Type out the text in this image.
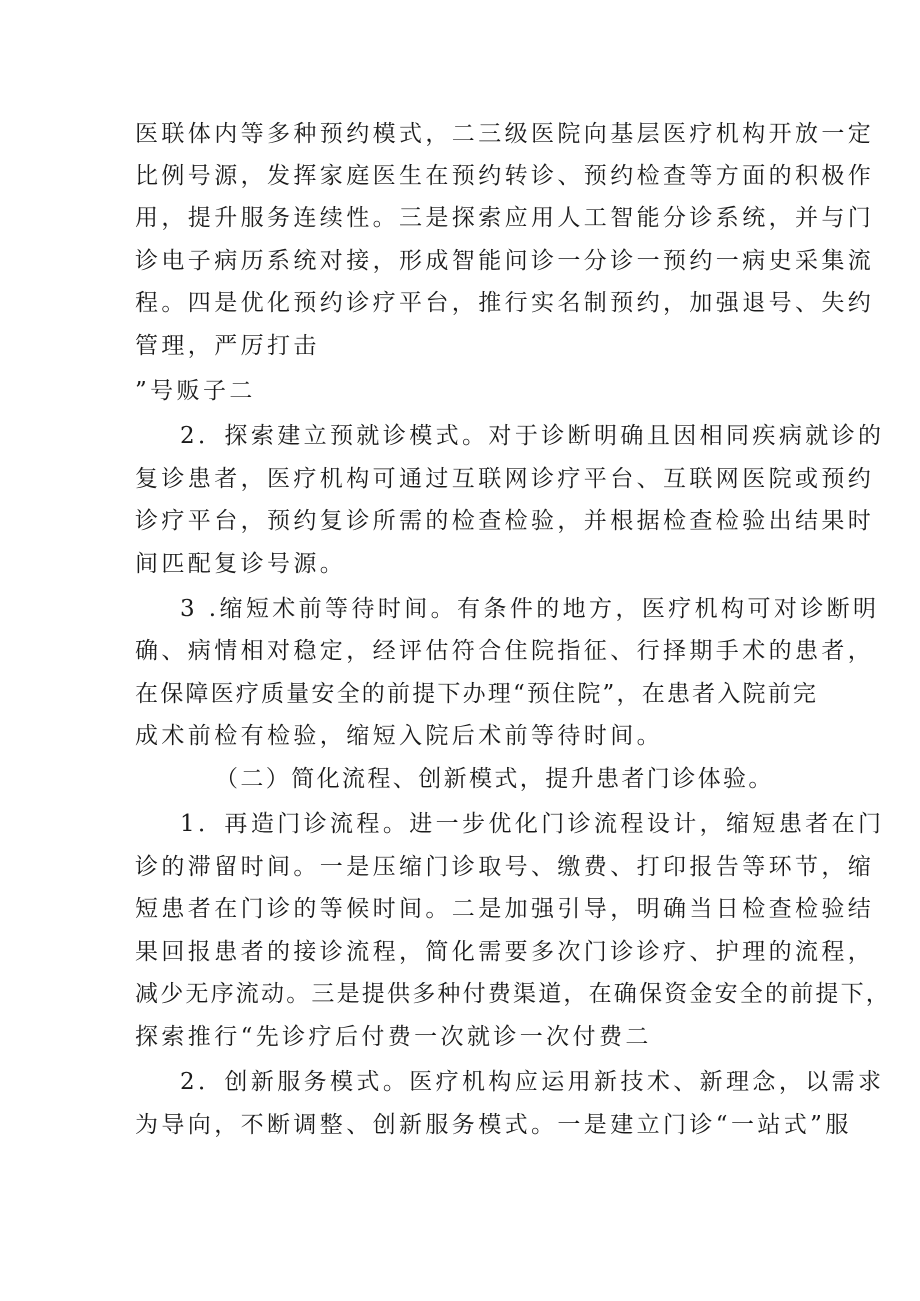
医联体内等多种预约模式，二三级医院向基层医疗机构开放一定
比例号源，发挥家庭医生在预约转诊、预约检查等方面的积极作
用，提升服务连续性。三是探索应用人工智能分诊系统，并与门
诊电子病历系统对接，形成智能问诊一分诊一预约一病史采集流
程。四是优化预约诊疗平台，推行实名制预约，加强退号、失约
管理，严厉打击
”号贩子二
2．探索建立预就诊模式。对于诊断明确且因相同疾病就诊的
复诊患者，医疗机构可通过互联网诊疗平台、互联网医院或预约
诊疗平台，预约复诊所需的检查检验，并根据检查检验出结果时
间匹配复诊号源。
3 .缩短术前等待时间。有条件的地方，医疗机构可对诊断明
确、病情相对稳定，经评估符合住院指征、行择期手术的患者，
在保障医疗质量安全的前提下办理“预住院”，在患者入院前完
成术前检有检验，缩短入院后术前等待时间。
（二）简化流程、创新模式，提升患者门诊体验。
1．再造门诊流程。进一步优化门诊流程设计，缩短患者在门
诊的滞留时间。一是压缩门诊取号、缴费、打印报告等环节，缩
短患者在门诊的等候时间。二是加强引导，明确当日检查检验结
果回报患者的接诊流程，简化需要多次门诊诊疗、护理的流程，
减少无序流动。三是提供多种付费渠道，在确保资金安全的前提下，
探索推行“先诊疗后付费一次就诊一次付费二
2．创新服务模式。医疗机构应运用新技术、新理念，以需求
为导向，不断调整、创新服务模式。一是建立门诊“一站式”服
